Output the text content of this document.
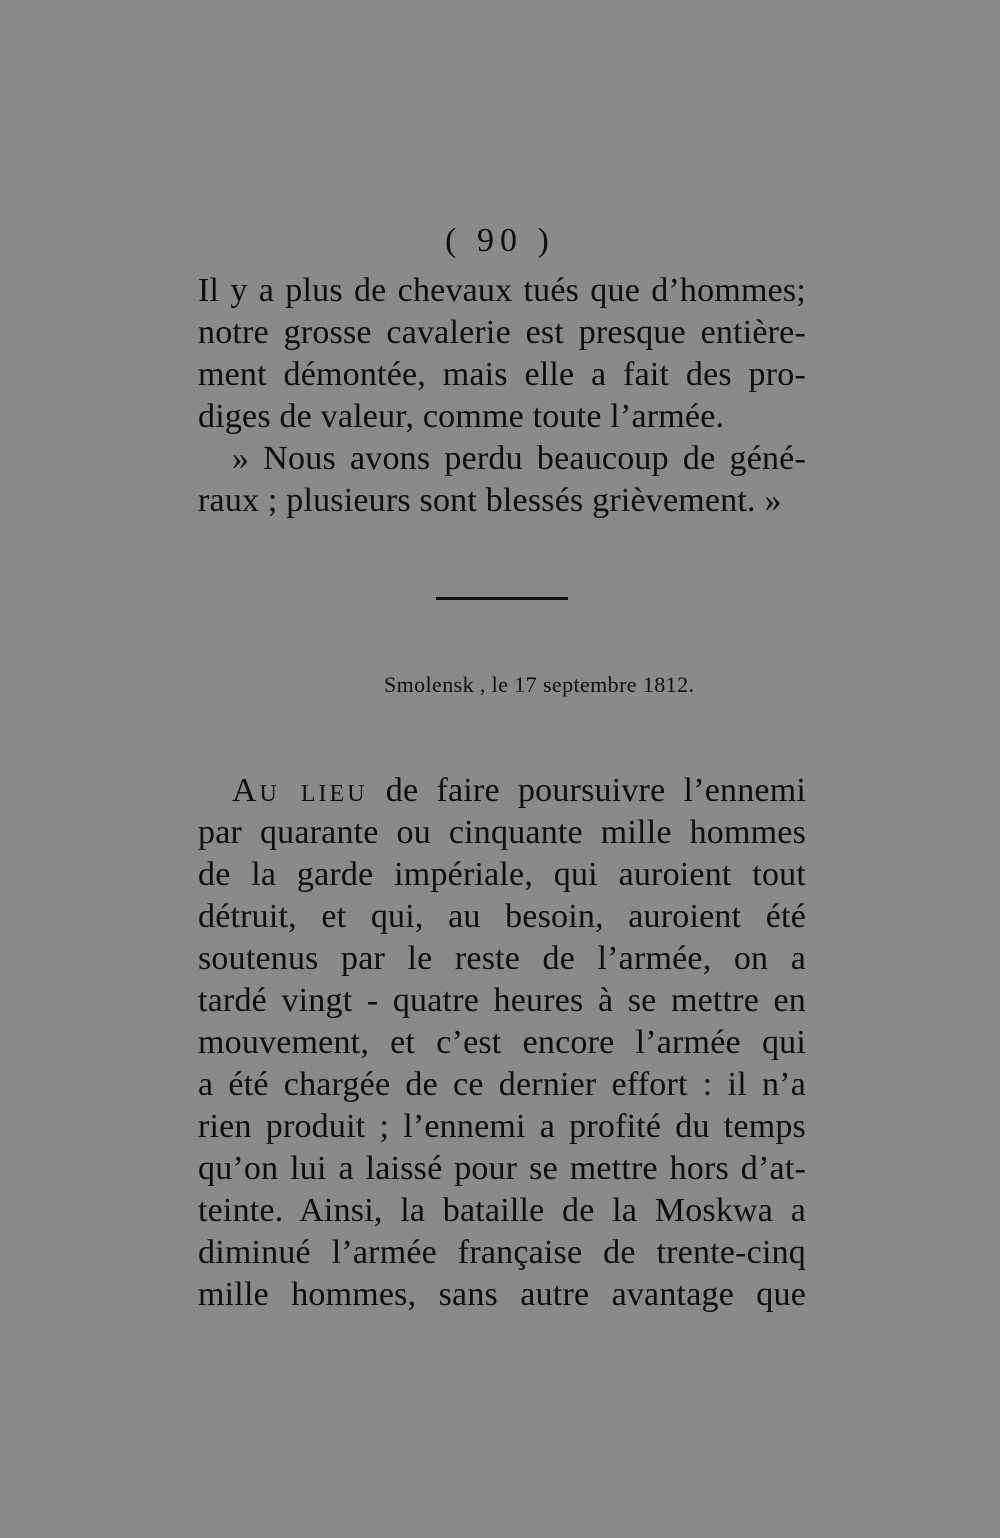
( 90 )
Il y a plus de chevaux tués que d’hommes;
notre grosse cavalerie est presque entière-
ment démontée, mais elle a fait des pro-
diges de valeur, comme toute l’armée.
» Nous avons perdu beaucoup de géné-
raux ; plusieurs sont blessés grièvement. »
Smolensk , le 17 septembre 1812.
Au lieu de faire poursuivre l’ennemi
par quarante ou cinquante mille hommes
de la garde impériale, qui auroient tout
détruit, et qui, au besoin, auroient été
soutenus par le reste de l’armée, on a
tardé vingt - quatre heures à se mettre en
mouvement, et c’est encore l’armée qui
a été chargée de ce dernier effort : il n’a
rien produit ; l’ennemi a profité du temps
qu’on lui a laissé pour se mettre hors d’at-
teinte. Ainsi, la bataille de la Moskwa a
diminué l’armée française de trente-cinq
mille hommes, sans autre avantage que
